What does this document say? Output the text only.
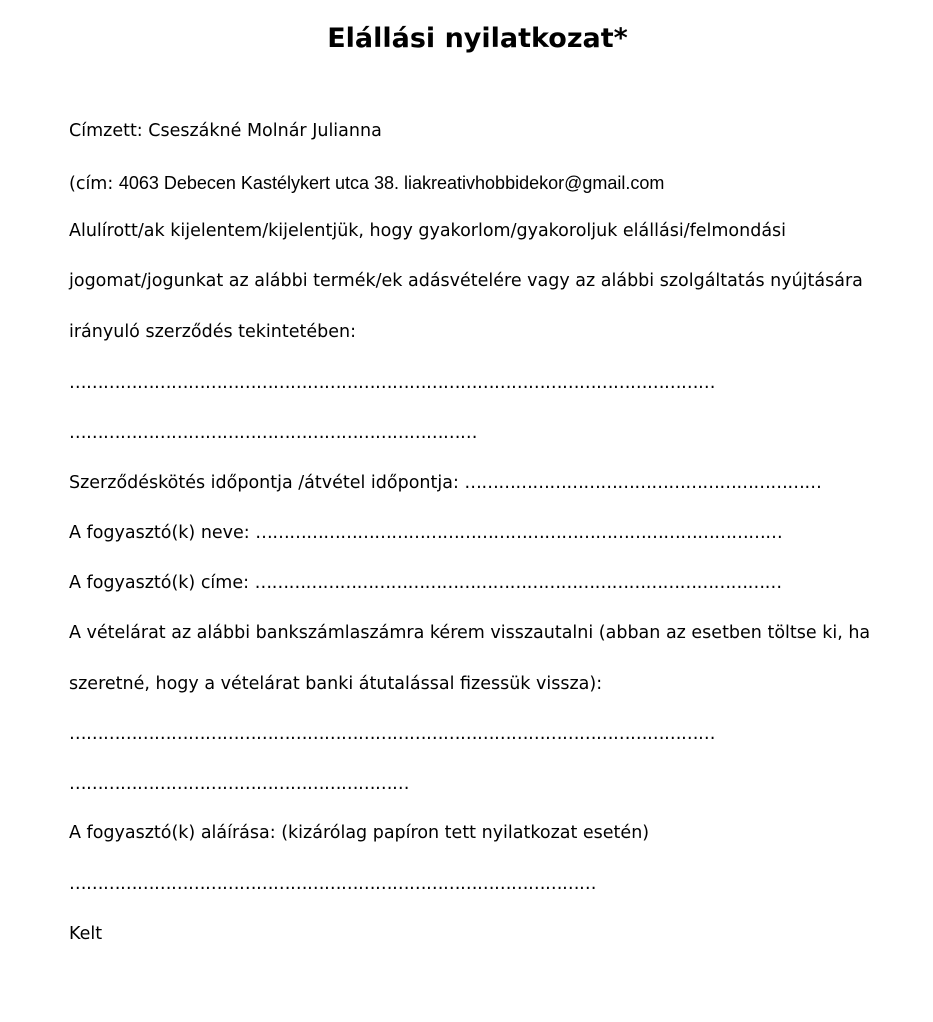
Elállási nyilatkozat*
Címzett: Cseszákné Molnár Julianna
(cím: 4063 Debecen Kastélykert utca 38. liakreativhobbidekor@gmail.com
Alulírott/ak kijelentem/kijelentjük, hogy gyakorlom/gyakoroljuk elállási/felmondási
jogomat/jogunkat az alábbi termék/ek adásvételére vagy az alábbi szolgáltatás nyújtására
irányuló szerződés tekintetében:
……………………………………………………………………………………………………
………………………………………………………………
Szerződéskötés időpontja /átvétel időpontja: ………………………………………………………
A fogyasztó(k) neve: …………………………………………………………………………………
A fogyasztó(k) címe: …………………………………………………………………………………
A vételárat az alábbi bankszámlaszámra kérem visszautalni (abban az esetben töltse ki, ha
szeretné, hogy a vételárat banki átutalással fizessük vissza):
……………………………………………………………………………………………………
……………………………………………………
A fogyasztó(k) aláírása: (kizárólag papíron tett nyilatkozat esetén)
…………………………………………………………………………………
Kelt
